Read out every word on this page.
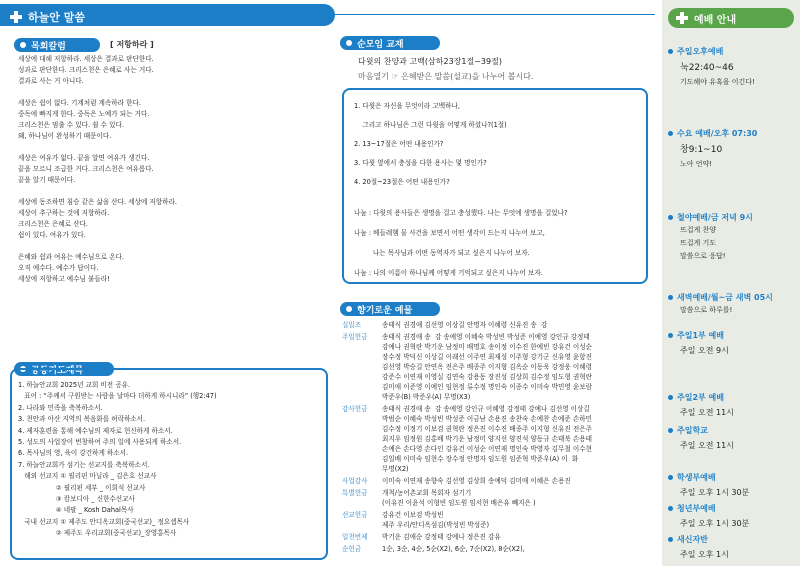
하늘안 말씀
목회칼럼	[ 저항하라 ]
세상에 대해 저항하라. 세상은 결과로 판단한다.
성과로 판단한다. 크리스천은 은혜로 사는 거다.
결과로 사는 거 아니다.

세상은 쉼이 없다. 기계처럼 계속하라 한다.
중독에 빠지게 한다. 중독은 노예가 되는 거다.
크리스천은 멈출 수 있다. 쉴 수 있다.
왜, 하나님이 완성하기 때문이다.

세상은 여유가 없다. 끝을 알면 여유가 생긴다.
끝을 모르니 조급한 거다. 크리스천은 여유롭다.
끝을 알기 때문이다.

세상에 동조하면 침승 같은 삶을 산다. 세상에 저항하라.
세상이 추구하는 것에 저항하라.
크리스천은 은혜로 산다.
쉼이 있다. 여유가 있다.

은혜와 쉼과 여유는 예수님으로 온다.
오직 예수다. 예수가 답이다.
세상에 저항하고 예수님 붙들라!
공동기도제목
1. 하늘안교회 2025년 교회 비전 공유.
표어 : “주께서 구원받는 사람을 날마다 더하게 하시니라” (행2:47)
2. 나라와 민족을 축복하소서.
3. 천안과 아산 지역의 복음화를 허락하소서.
4. 제자훈련을 통해 예수님의 제자로 헌신하게 하소서.
5. 성도의 사업장이 번창하여 주의 일에 사용되게 하소서.
6. 목사님의 영, 육이 강건하게 하소서.
7. 하늘안교회가 섬기는 선교지를 축복하소서.
해외 선교지 ① 필리핀 마닐라 _ 김은호 선교사
② 필리핀 세부 _ 이희석 선교사
③ 캄보디아 _ 신한수선교사
④ 네팔 _ Kosh Dahal목사
국내 선교지 ① 제주도 안디옥교회(중국선교)_ 정요셉목사
② 제주도 우리교회(중국선교)_장영홍목사
순모임 교재
다윗의 찬양과 고백(삼하23장1절~39절)
마음열기 ☞ 은혜받은 말씀(설교)을 나누어 봅시다.
1. 다윗은 자신을 무엇이라 고백하나,
그리고 하나님은 그런 다윗을 어떻게 하셨나?(1절)
2. 13~17절은 어떤 내용인가?
3. 다윗 옆에서 충성을 다한 용사는 몇 명인가?
4. 20절~23절은 어떤 내용인가?
나눔 : 다윗의 용사들은 생명을 걸고 충성했다. 나는 무엇에 생명을 걸었나?
나눔 : 베들레헴 물 사건을 보면서 어떤 생각이 드는지 나누어 보고,
나는 목사님과 어떤 동역자가 되고 싶은지 나누어 보자.
나눔 : 나의 이름이 하나님께 어떻게 기억되고 싶은지 나누어 보자.
향기로운 예물
십일조	송태식 권경애 김선영 이상길 안명자 이혜령 신유진 송  강
주일헌금	송태식 권경애 송  강 송예영 이혜숙 박성빈 박성준 이예영 강인규 강정태
강예나 권혁란 박기운 남정미 배명호 송이정 이수진 한예빈 강유건 이성순
장수정 박덕신 이상길 이래선 이주연 최재성 이주형 강기군 신유영 윤항진
김선영 박승길 안연옥 전은주 배종주 이지형 김옥순 이동욱 강정웅 이혜령
강준수 이연재 이영실 김연숙 강용동 장진성 김상희 김수정 임도형 권혁란
김미애 이준영 이예인 임현정 류수정 명인숙 이종수 이미숙 박민영 윤보람
박준우(B) 박준우(A) 무명(X3)
감사헌금	송태식 권경애 송  강 송예영 강인규 이혜영 강정태 강예나 김선영 이상길
박범순 이혜숙 박성빈 박성준 이금남 손용진 송찬숙 손예찬 손예준 손하민
김수정 이정기 이보검 권혁란 정은진 이수진 배종주 이지형 신유진 전은주
최지우 임정원 김홍배 박기운 남정미 양지선 양진석 양동규 손태북 손용태
손예은 손다영 손다인 강유건 이성순 이연재 명인숙 박영자 김무철 이수현
김일배 이미숙 임현수 장수정 안명자 임도원 임준혁 박준우(A) 이  화
무명(X2)
사업감사	이미숙 이연재 송향숙 김선영 김상희 송예덕 김미애 이혜은 손용진
특별헌금	개척/농어촌교회 목회자 섬기기
(이유진 이윤석 이형빈 임도원 임서현 배은유 빼지은 )
선교헌금	강유건 이보검 박성빈
제주 우리/안디옥섬김(박성빈 박성준)
일천번제	박기운 김애순 강정태 강예나 정은진 강유
순헌금	1순, 3순, 4순, 5순(X2), 6순, 7순(X2), 8순(X2),
예배 안내
주일오후예배
눅22:40~46
기도해야 유혹을 이긴다!
수요 예배/오후 07:30
창9:1~10
노아 언약!
철야예배/금 저녁 9시
뜨겁게 찬양
뜨겁게 기도
말씀으로 응답!
새벽예배/월~금 새벽 05시
말씀으로 하루를!
주일1부 예배
주일 오전 9시
주일2부 예배
주일 오전 11시
주일학교
주일 오전 11시
학생부예배
주일 오후 1시 30분
청년부예배
주일 오후 1시 30분
새신자반
주일 오후 1시
